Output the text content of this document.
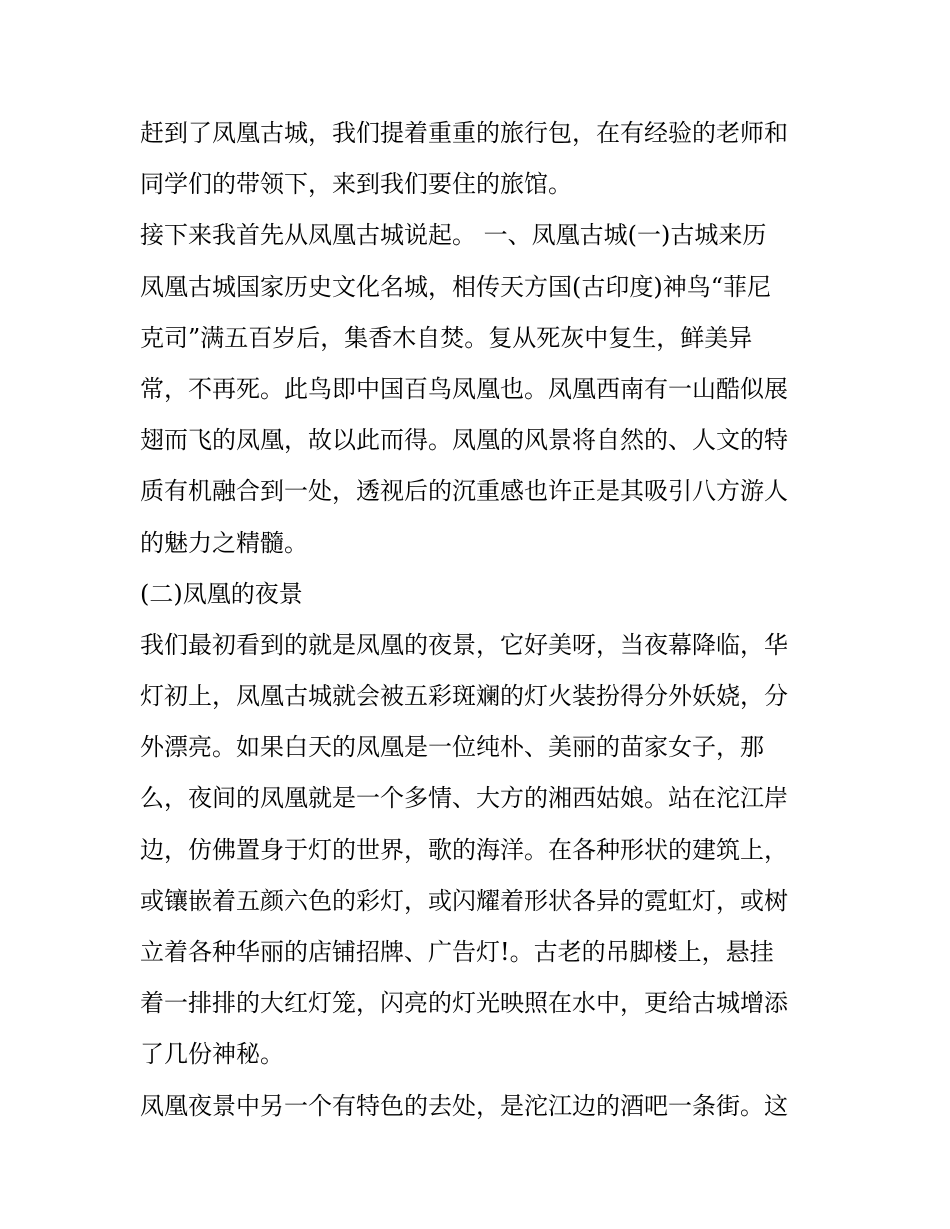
赶到了凤凰古城，我们提着重重的旅行包，在有经验的老师和
同学们的带领下，来到我们要住的旅馆。
接下来我首先从凤凰古城说起。 一、凤凰古城(一)古城来历
凤凰古城国家历史文化名城，相传天方国(古印度)神鸟“菲尼
克司”满五百岁后，集香木自焚。复从死灰中复生，鲜美异
常，不再死。此鸟即中国百鸟凤凰也。凤凰西南有一山酷似展
翅而飞的凤凰，故以此而得。凤凰的风景将自然的、人文的特
质有机融合到一处，透视后的沉重感也许正是其吸引八方游人
的魅力之精髓。
(二)凤凰的夜景
我们最初看到的就是凤凰的夜景，它好美呀，当夜幕降临，华
灯初上，凤凰古城就会被五彩斑斓的灯火装扮得分外妖娆，分
外漂亮。如果白天的凤凰是一位纯朴、美丽的苗家女子，那
么，夜间的凤凰就是一个多情、大方的湘西姑娘。站在沱江岸
边，仿佛置身于灯的世界，歌的海洋。在各种形状的建筑上，
或镶嵌着五颜六色的彩灯，或闪耀着形状各异的霓虹灯，或树
立着各种华丽的店铺招牌、广告灯!。古老的吊脚楼上，悬挂
着一排排的大红灯笼，闪亮的灯光映照在水中，更给古城增添
了几份神秘。
凤凰夜景中另一个有特色的去处，是沱江边的酒吧一条街。这
